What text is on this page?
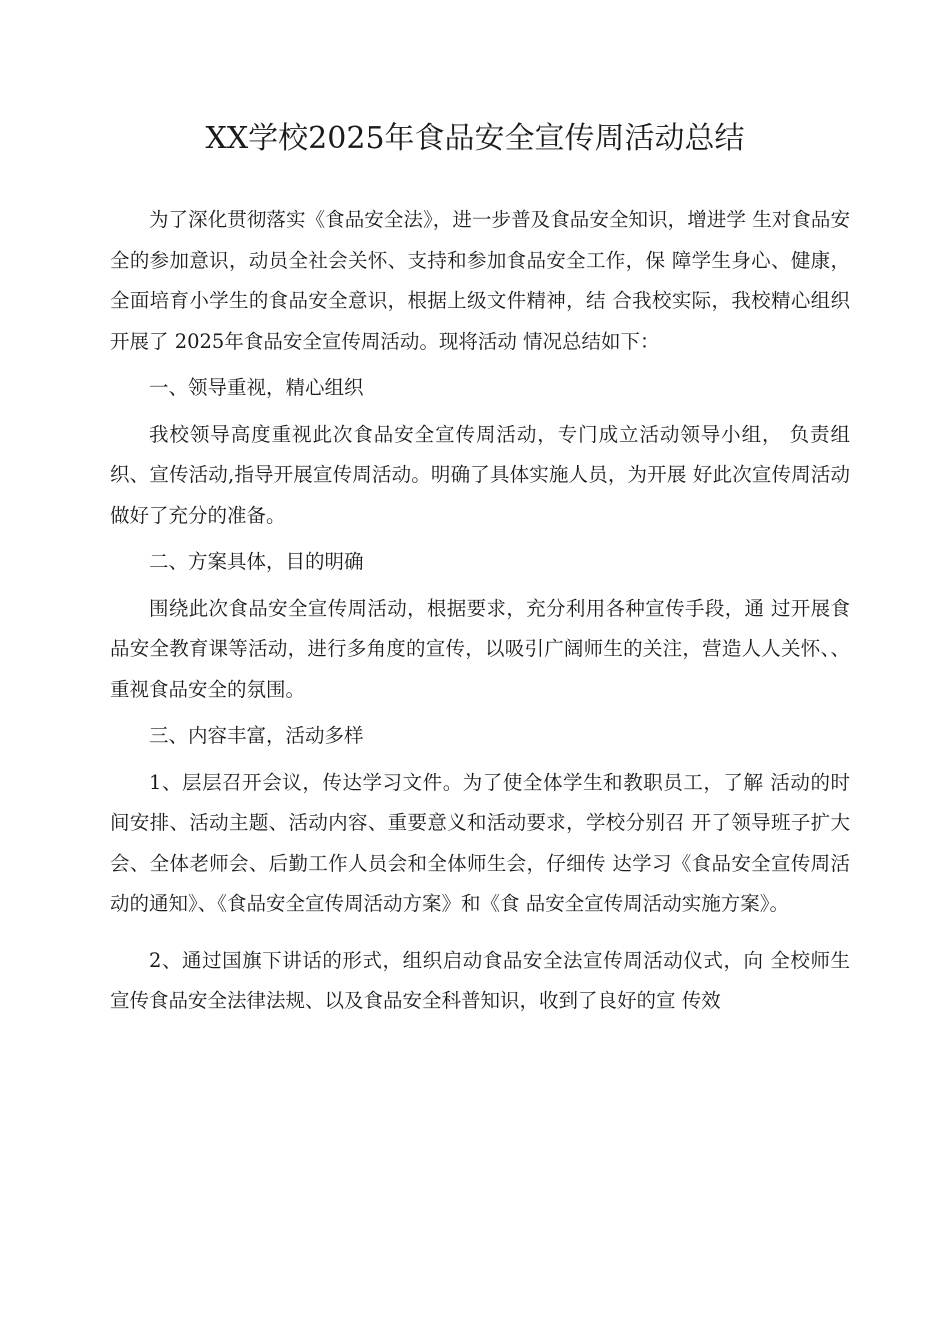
XX学校2025年食品安全宣传周活动总结

为了深化贯彻落实《食品安全法》，进一步普及食品安全知识，增进学 生对食品安全的参加意识，动员全社会关怀、支持和参加食品安全工作，保 障学生身心、健康，全面培育小学生的食品安全意识，根据上级文件精神，结 合我校实际，我校精心组织开展了 2025年食品安全宣传周活动。现将活动 情况总结如下：

一、领导重视，精心组织

我校领导高度重视此次食品安全宣传周活动，专门成立活动领导小组， 负责组织、宣传活动,指导开展宣传周活动。明确了具体实施人员，为开展 好此次宣传周活动做好了充分的准备。

二、方案具体，目的明确

围绕此次食品安全宣传周活动，根据要求，充分利用各种宣传手段，通 过开展食品安全教育课等活动，进行多角度的宣传，以吸引广阔师生的关注，营造人人关怀、、重视食品安全的氛围。

三、内容丰富，活动多样

1、层层召开会议，传达学习文件。为了使全体学生和教职员工，了解 活动的时间安排、活动主题、活动内容、重要意义和活动要求，学校分别召 开了领导班子扩大会、全体老师会、后勤工作人员会和全体师生会，仔细传 达学习《食品安全宣传周活动的通知》、《食品安全宣传周活动方案》和《食 品安全宣传周活动实施方案》。

2、通过国旗下讲话的形式，组织启动食品安全法宣传周活动仪式，向 全校师生宣传食品安全法律法规、以及食品安全科普知识，收到了良好的宣 传效
